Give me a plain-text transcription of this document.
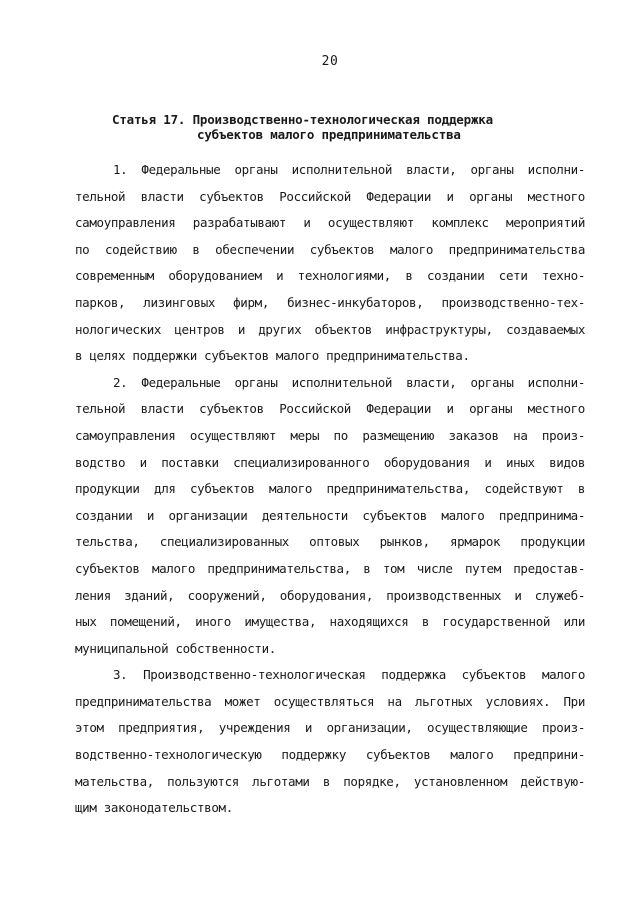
20
Статья 17. Производственно-технологическая поддержка
субъектов малого предпринимательства
1. Федеральные органы исполнительной власти, органы исполни-
тельной власти субъектов Российской Федерации и органы местного
самоуправления разрабатывают и осуществляют комплекс мероприятий
по содействию в обеспечении субъектов малого предпринимательства
современным оборудованием и технологиями, в создании сети техно-
парков, лизинговых фирм, бизнес-инкубаторов, производственно-тех-
нологических центров и других объектов инфраструктуры, создаваемых
в целях поддержки субъектов малого предпринимательства.
2. Федеральные органы исполнительной власти, органы исполни-
тельной власти субъектов Российской Федерации и органы местного
самоуправления осуществляют меры по размещению заказов на произ-
водство и поставки специализированного оборудования и иных видов
продукции для субъектов малого предпринимательства, содействуют в
создании и организации деятельности субъектов малого предпринима-
тельства, специализированных оптовых рынков, ярмарок продукции
субъектов малого предпринимательства, в том числе путем предостав-
ления зданий, сооружений, оборудования, производственных и служеб-
ных помещений, иного имущества, находящихся в государственной или
муниципальной собственности.
3. Производственно-технологическая поддержка субъектов малого
предпринимательства может осуществляться на льготных условиях. При
этом предприятия, учреждения и организации, осуществляющие произ-
водственно-технологическую поддержку субъектов малого предприни-
мательства, пользуются льготами в порядке, установленном действую-
щим законодательством.
